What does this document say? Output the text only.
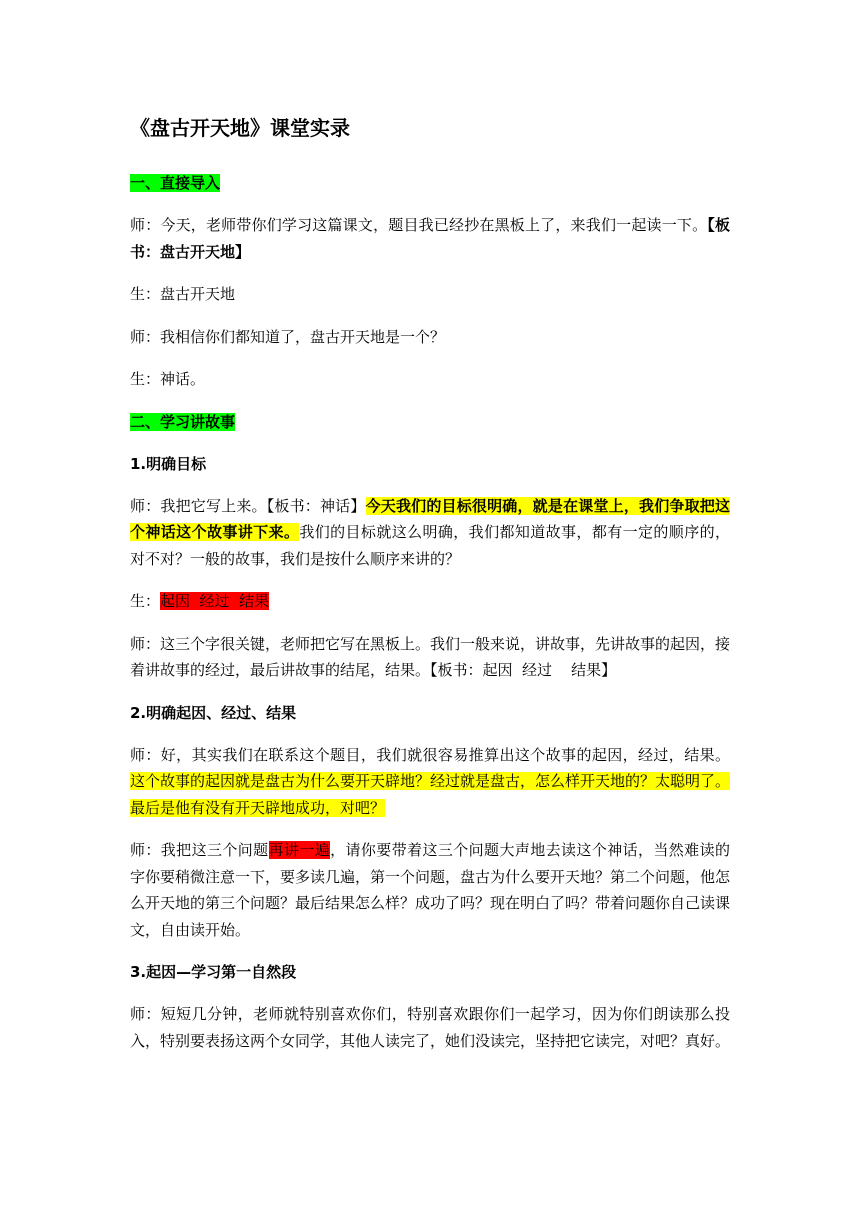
《盘古开天地》课堂实录
一、直接导入

师：今天，老师带你们学习这篇课文，题目我已经抄在黑板上了，来我们一起读一下。【板书：盘古开天地】

生：盘古开天地

师：我相信你们都知道了，盘古开天地是一个？

生：神话。

二、学习讲故事
1.明确目标

师：我把它写上来。【板书：神话】今天我们的目标很明确，就是在课堂上，我们争取把这个神话这个故事讲下来。我们的目标就这么明确，我们都知道故事，都有一定的顺序的，对不对？一般的故事，我们是按什么顺序来讲的？

生：起因  经过  结果

师：这三个字很关键，老师把它写在黑板上。我们一般来说，讲故事，先讲故事的起因，接着讲故事的经过，最后讲故事的结尾，结果。【板书：起因  经过    结果】

2.明确起因、经过、结果

师：好，其实我们在联系这个题目，我们就很容易推算出这个故事的起因，经过，结果。这个故事的起因就是盘古为什么要开天辟地？经过就是盘古，怎么样开天地的？太聪明了。最后是他有没有开天辟地成功，对吧？

师：我把这三个问题再讲一遍，请你要带着这三个问题大声地去读这个神话，当然难读的字你要稍微注意一下，要多读几遍，第一个问题，盘古为什么要开天地？第二个问题，他怎么开天地的第三个问题？最后结果怎么样？成功了吗？现在明白了吗？带着问题你自己读课文，自由读开始。

3.起因—学习第一自然段

师：短短几分钟，老师就特别喜欢你们，特别喜欢跟你们一起学习，因为你们朗读那么投入，特别要表扬这两个女同学，其他人读完了，她们没读完，坚持把它读完，对吧？真好。
